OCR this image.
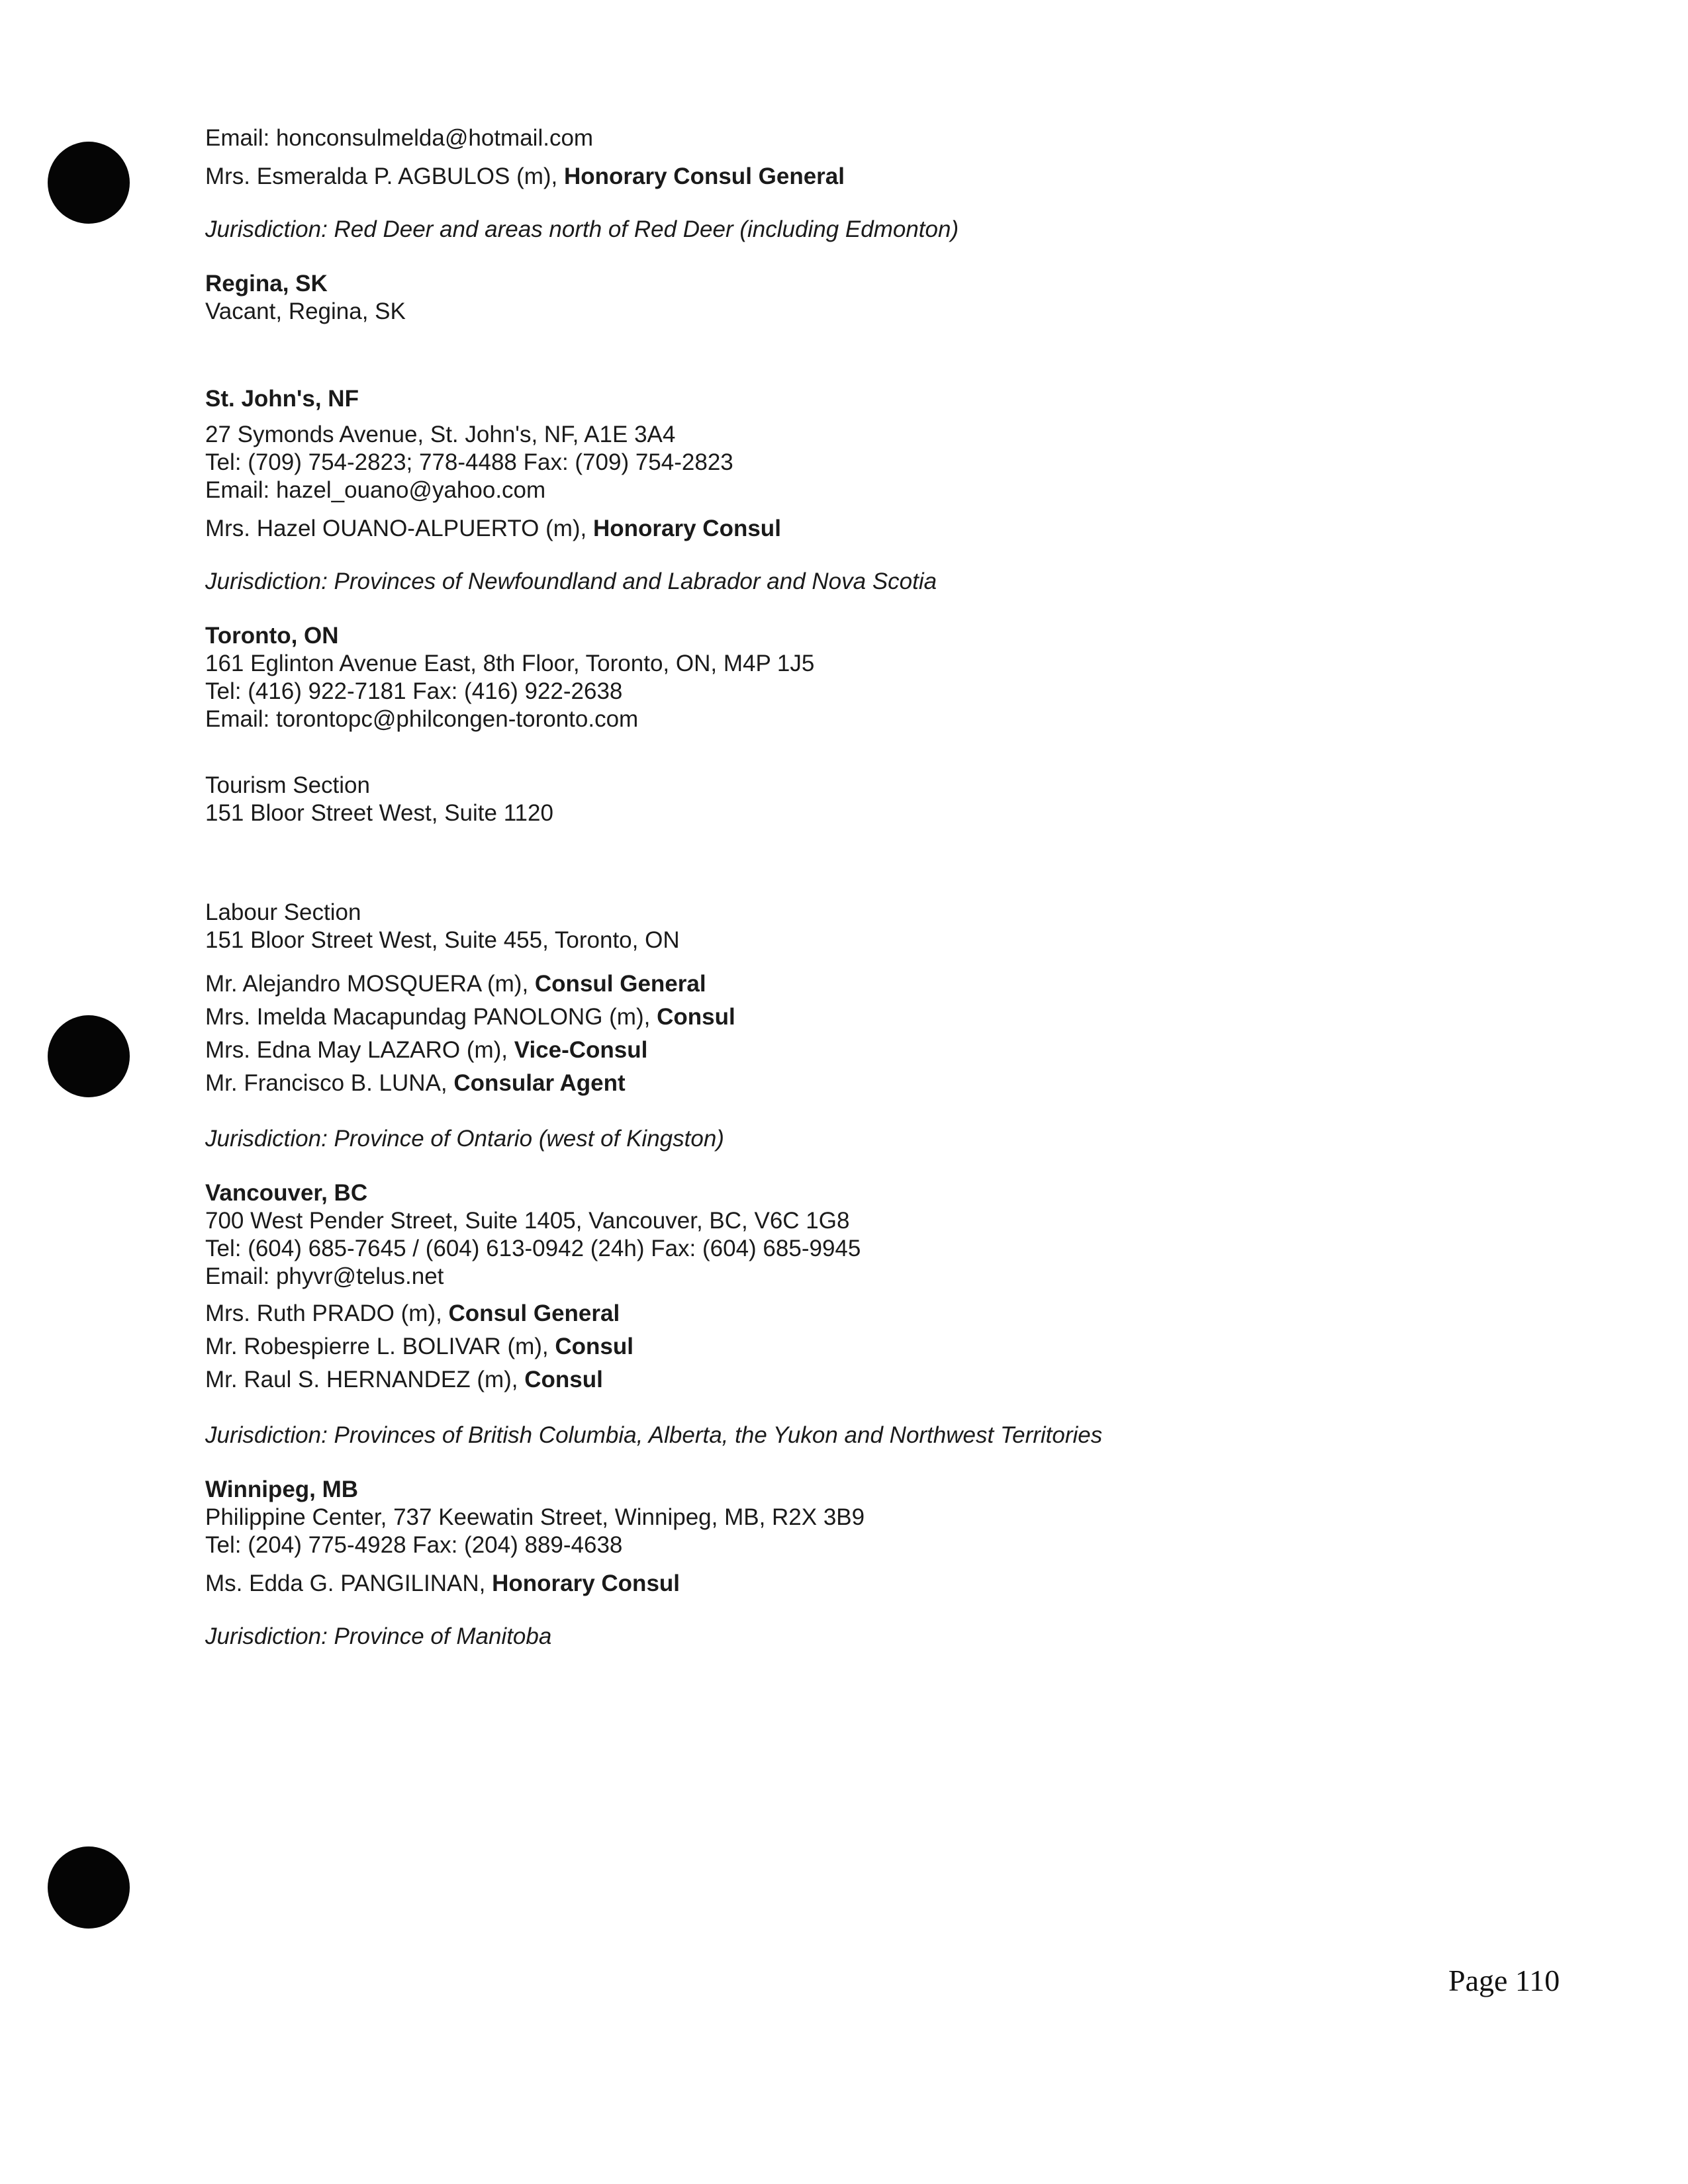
Email: honconsulmelda@hotmail.com
Mrs. Esmeralda P. AGBULOS (m), Honorary Consul General
Jurisdiction: Red Deer and areas north of Red Deer (including Edmonton)
Regina, SK
Vacant, Regina, SK
St. John's, NF
27 Symonds Avenue, St. John's, NF, A1E 3A4
Tel: (709) 754-2823; 778-4488 Fax: (709) 754-2823
Email: hazel_ouano@yahoo.com
Mrs. Hazel OUANO-ALPUERTO (m), Honorary Consul
Jurisdiction: Provinces of Newfoundland and Labrador and Nova Scotia
Toronto, ON
161 Eglinton Avenue East, 8th Floor, Toronto, ON, M4P 1J5
Tel: (416) 922-7181 Fax: (416) 922-2638
Email: torontopc@philcongen-toronto.com
Tourism Section
151 Bloor Street West, Suite 1120
Labour Section
151 Bloor Street West, Suite 455, Toronto, ON
Mr. Alejandro MOSQUERA (m), Consul General
Mrs. Imelda Macapundag PANOLONG (m), Consul
Mrs. Edna May LAZARO (m), Vice-Consul
Mr. Francisco B. LUNA, Consular Agent
Jurisdiction: Province of Ontario (west of Kingston)
Vancouver, BC
700 West Pender Street, Suite 1405, Vancouver, BC, V6C 1G8
Tel: (604) 685-7645 / (604) 613-0942 (24h) Fax: (604) 685-9945
Email: phyvr@telus.net
Mrs. Ruth PRADO (m), Consul General
Mr. Robespierre L. BOLIVAR (m), Consul
Mr. Raul S. HERNANDEZ (m), Consul
Jurisdiction: Provinces of British Columbia, Alberta, the Yukon and Northwest Territories
Winnipeg, MB
Philippine Center, 737 Keewatin Street, Winnipeg, MB, R2X 3B9
Tel: (204) 775-4928 Fax: (204) 889-4638
Ms. Edda G. PANGILINAN, Honorary Consul
Jurisdiction: Province of Manitoba
Page 110
